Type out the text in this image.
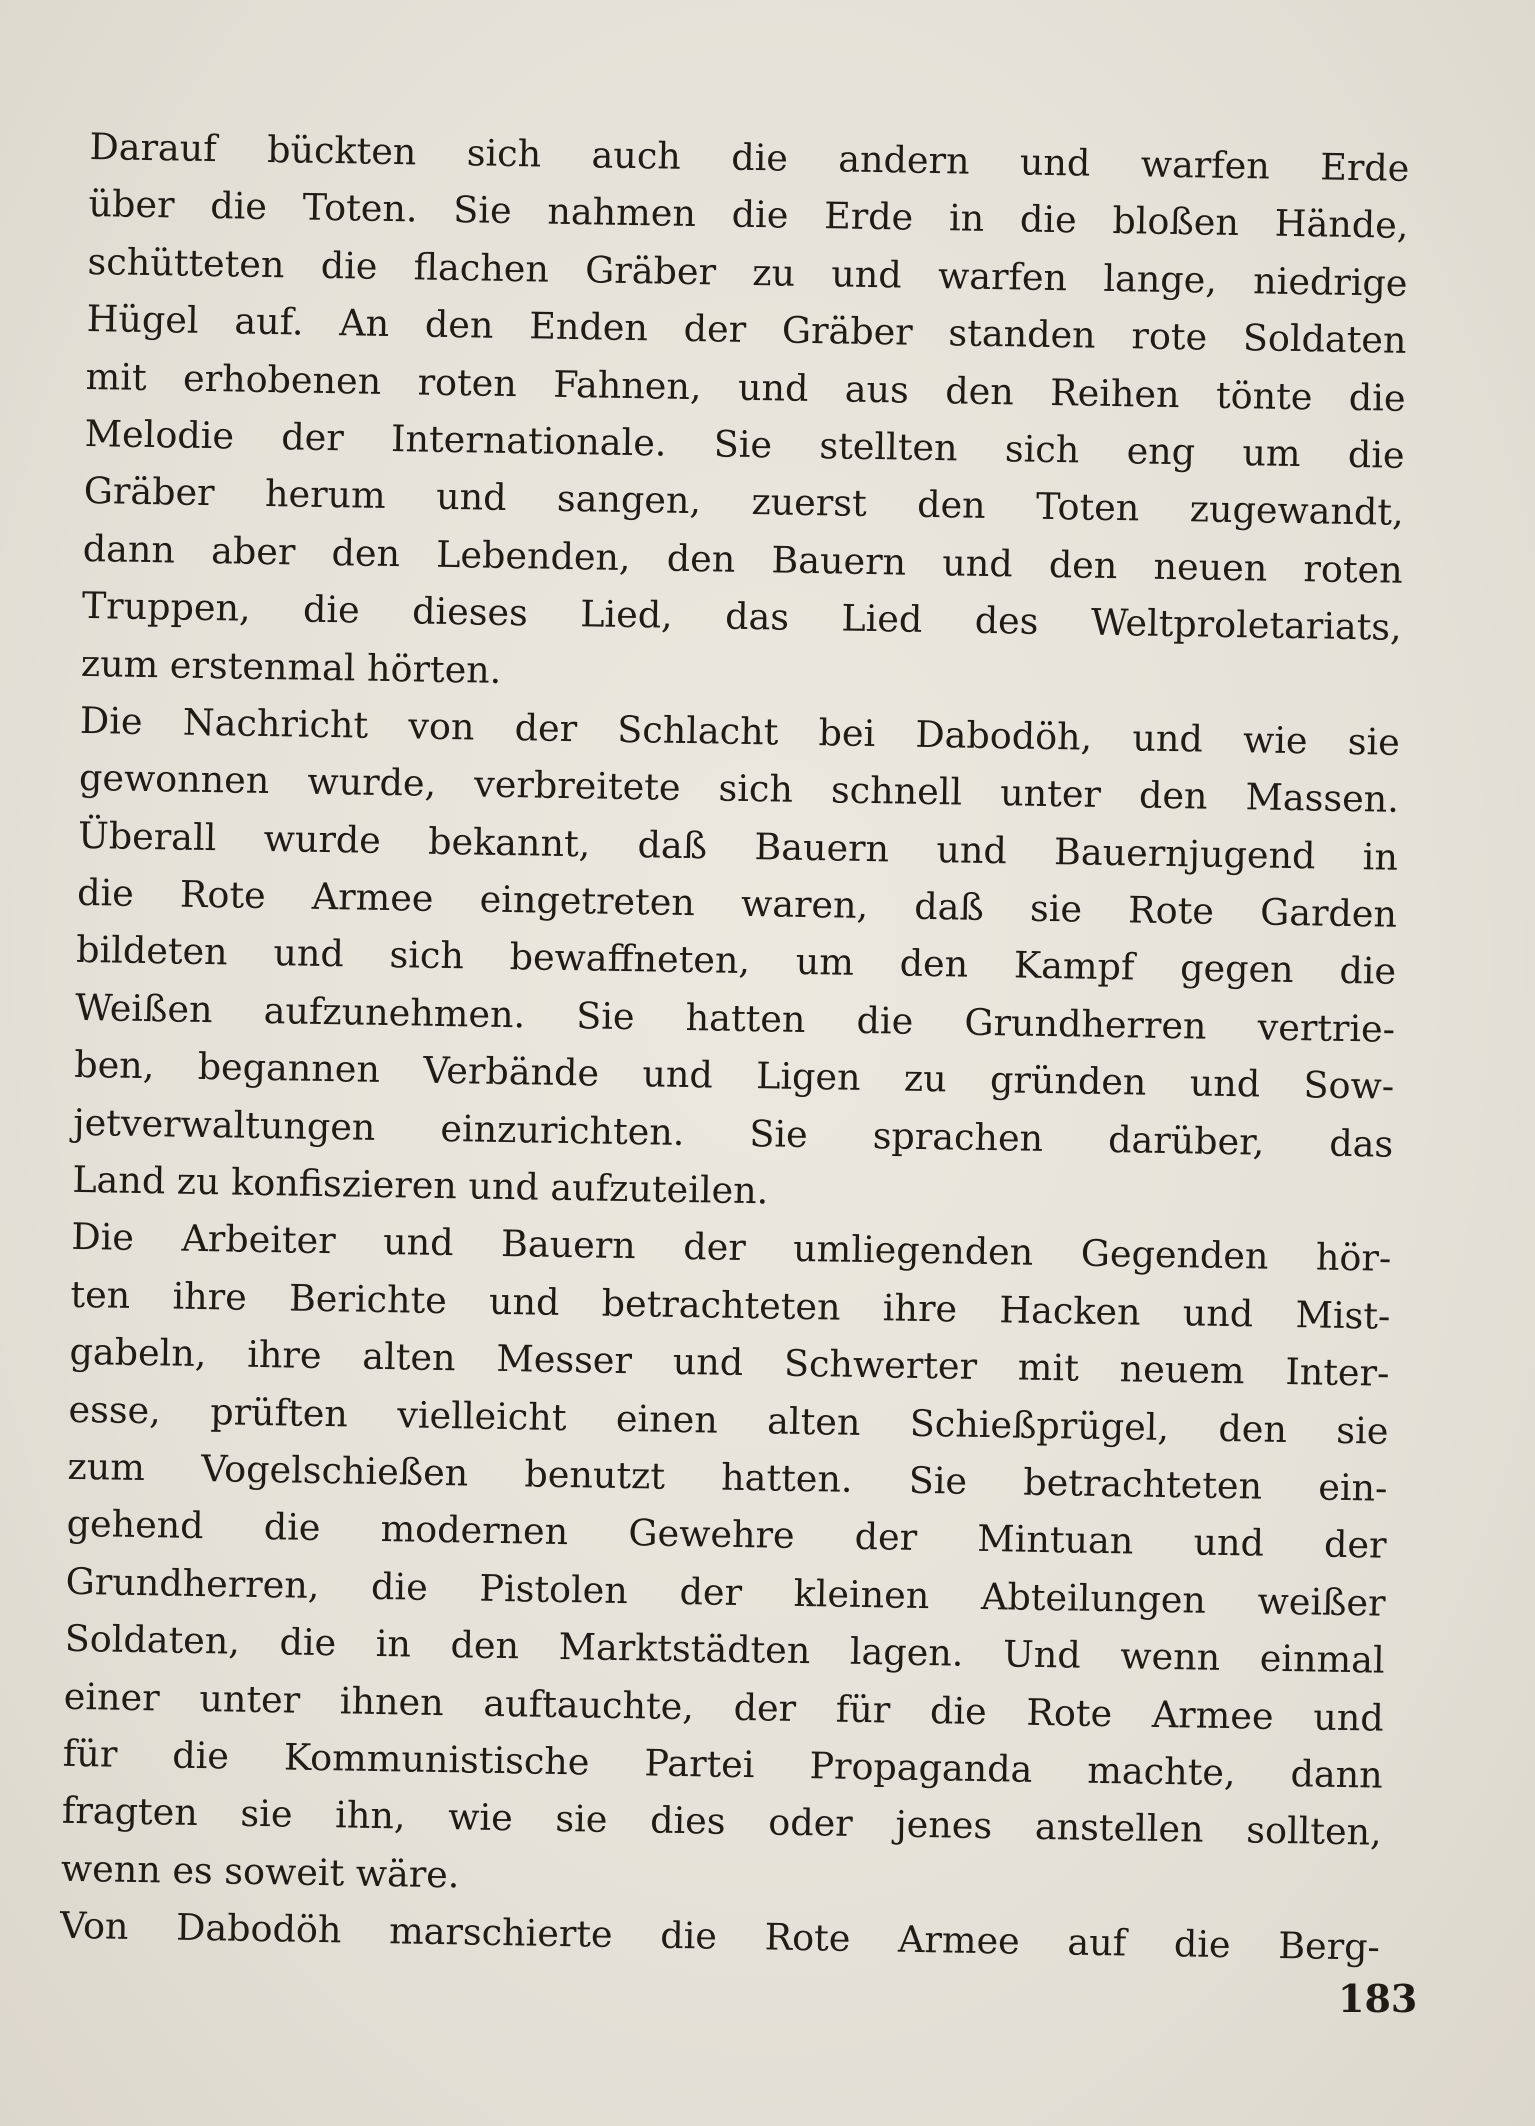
Darauf bückten sich auch die andern und warfen Erde
über die Toten. Sie nahmen die Erde in die bloßen Hände,
schütteten die flachen Gräber zu und warfen lange, niedrige
Hügel auf. An den Enden der Gräber standen rote Soldaten
mit erhobenen roten Fahnen, und aus den Reihen tönte die
Melodie der Internationale. Sie stellten sich eng um die
Gräber herum und sangen, zuerst den Toten zugewandt,
dann aber den Lebenden, den Bauern und den neuen roten
Truppen, die dieses Lied, das Lied des Weltproletariats,
zum erstenmal hörten.
Die Nachricht von der Schlacht bei Dabodöh, und wie sie
gewonnen wurde, verbreitete sich schnell unter den Massen.
Überall wurde bekannt, daß Bauern und Bauernjugend in
die Rote Armee eingetreten waren, daß sie Rote Garden
bildeten und sich bewaffneten, um den Kampf gegen die
Weißen aufzunehmen. Sie hatten die Grundherren vertrie-
ben, begannen Verbände und Ligen zu gründen und Sow-
jetverwaltungen einzurichten. Sie sprachen darüber, das
Land zu konfiszieren und aufzuteilen.
Die Arbeiter und Bauern der umliegenden Gegenden hör-
ten ihre Berichte und betrachteten ihre Hacken und Mist-
gabeln, ihre alten Messer und Schwerter mit neuem Inter-
esse, prüften vielleicht einen alten Schießprügel, den sie
zum Vogelschießen benutzt hatten. Sie betrachteten ein-
gehend die modernen Gewehre der Mintuan und der
Grundherren, die Pistolen der kleinen Abteilungen weißer
Soldaten, die in den Marktstädten lagen. Und wenn einmal
einer unter ihnen auftauchte, der für die Rote Armee und
für die Kommunistische Partei Propaganda machte, dann
fragten sie ihn, wie sie dies oder jenes anstellen sollten,
wenn es soweit wäre.
Von Dabodöh marschierte die Rote Armee auf die Berg-
183
